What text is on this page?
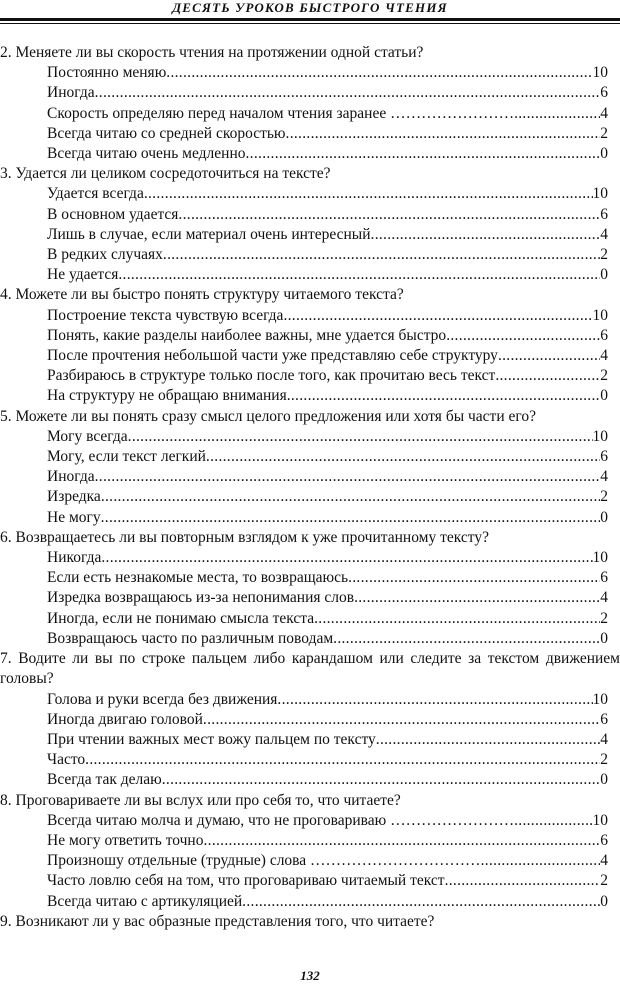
ДЕСЯТЬ УРОКОВ БЫСТРОГО ЧТЕНИЯ
2. Меняете ли вы скорость чтения на протяжении одной статьи?
Постоянно меняю .....	10
Иногда .....	6
Скорость определяю перед началом чтения заранее …………………… .....	4
Всегда читаю со средней скоростью .....	2
Всегда читаю очень медленно .....	0
3. Удается ли целиком сосредоточиться на тексте?
Удается всегда .....	10
В основном удается .....	6
Лишь в случае, если материал очень интересный .....	4
В редких случаях .....	2
Не удается .....	0
4. Можете ли вы быстро понять структуру читаемого текста?
Построение текста чувствую всегда .....	10
Понять, какие разделы наиболее важны, мне удается быстро .....	6
После прочтения небольшой части уже представляю себе структуру .....	4
Разбираюсь в структуре только после того, как прочитаю весь текст .....	2
На структуру не обращаю внимания .....	0
5. Можете ли вы понять сразу смысл целого предложения или хотя бы части его?
Могу всегда .....	10
Могу, если текст легкий .....	6
Иногда .....	4
Изредка .....	2
Не могу .....	0
6. Возвращаетесь ли вы повторным взглядом к уже прочитанному тексту?
Никогда .....	10
Если есть незнакомые места, то возвращаюсь .....	6
Изредка возвращаюсь из-за непонимания слов .....	4
Иногда, если не понимаю смысла текста .....	2
Возвращаюсь часто по различным поводам .....	0
7. Водите ли вы по строке пальцем либо карандашом или следите за текстом движением головы?
Голова и руки всегда без движения .....	10
Иногда двигаю головой .....	6
При чтении важных мест вожу пальцем по тексту .....	4
Часто .....	2
Всегда так делаю .....	0
8. Проговариваете ли вы вслух или про себя то, что читаете?
Всегда читаю молча и думаю, что не проговариваю …………………… .....	10
Не могу ответить точно .....	6
Произношу отдельные (трудные) слова …………………………… .....	4
Часто ловлю себя на том, что проговариваю читаемый текст .....	2
Всегда читаю с артикуляцией .....	0
9. Возникают ли у вас образные представления того, что читаете?
132
